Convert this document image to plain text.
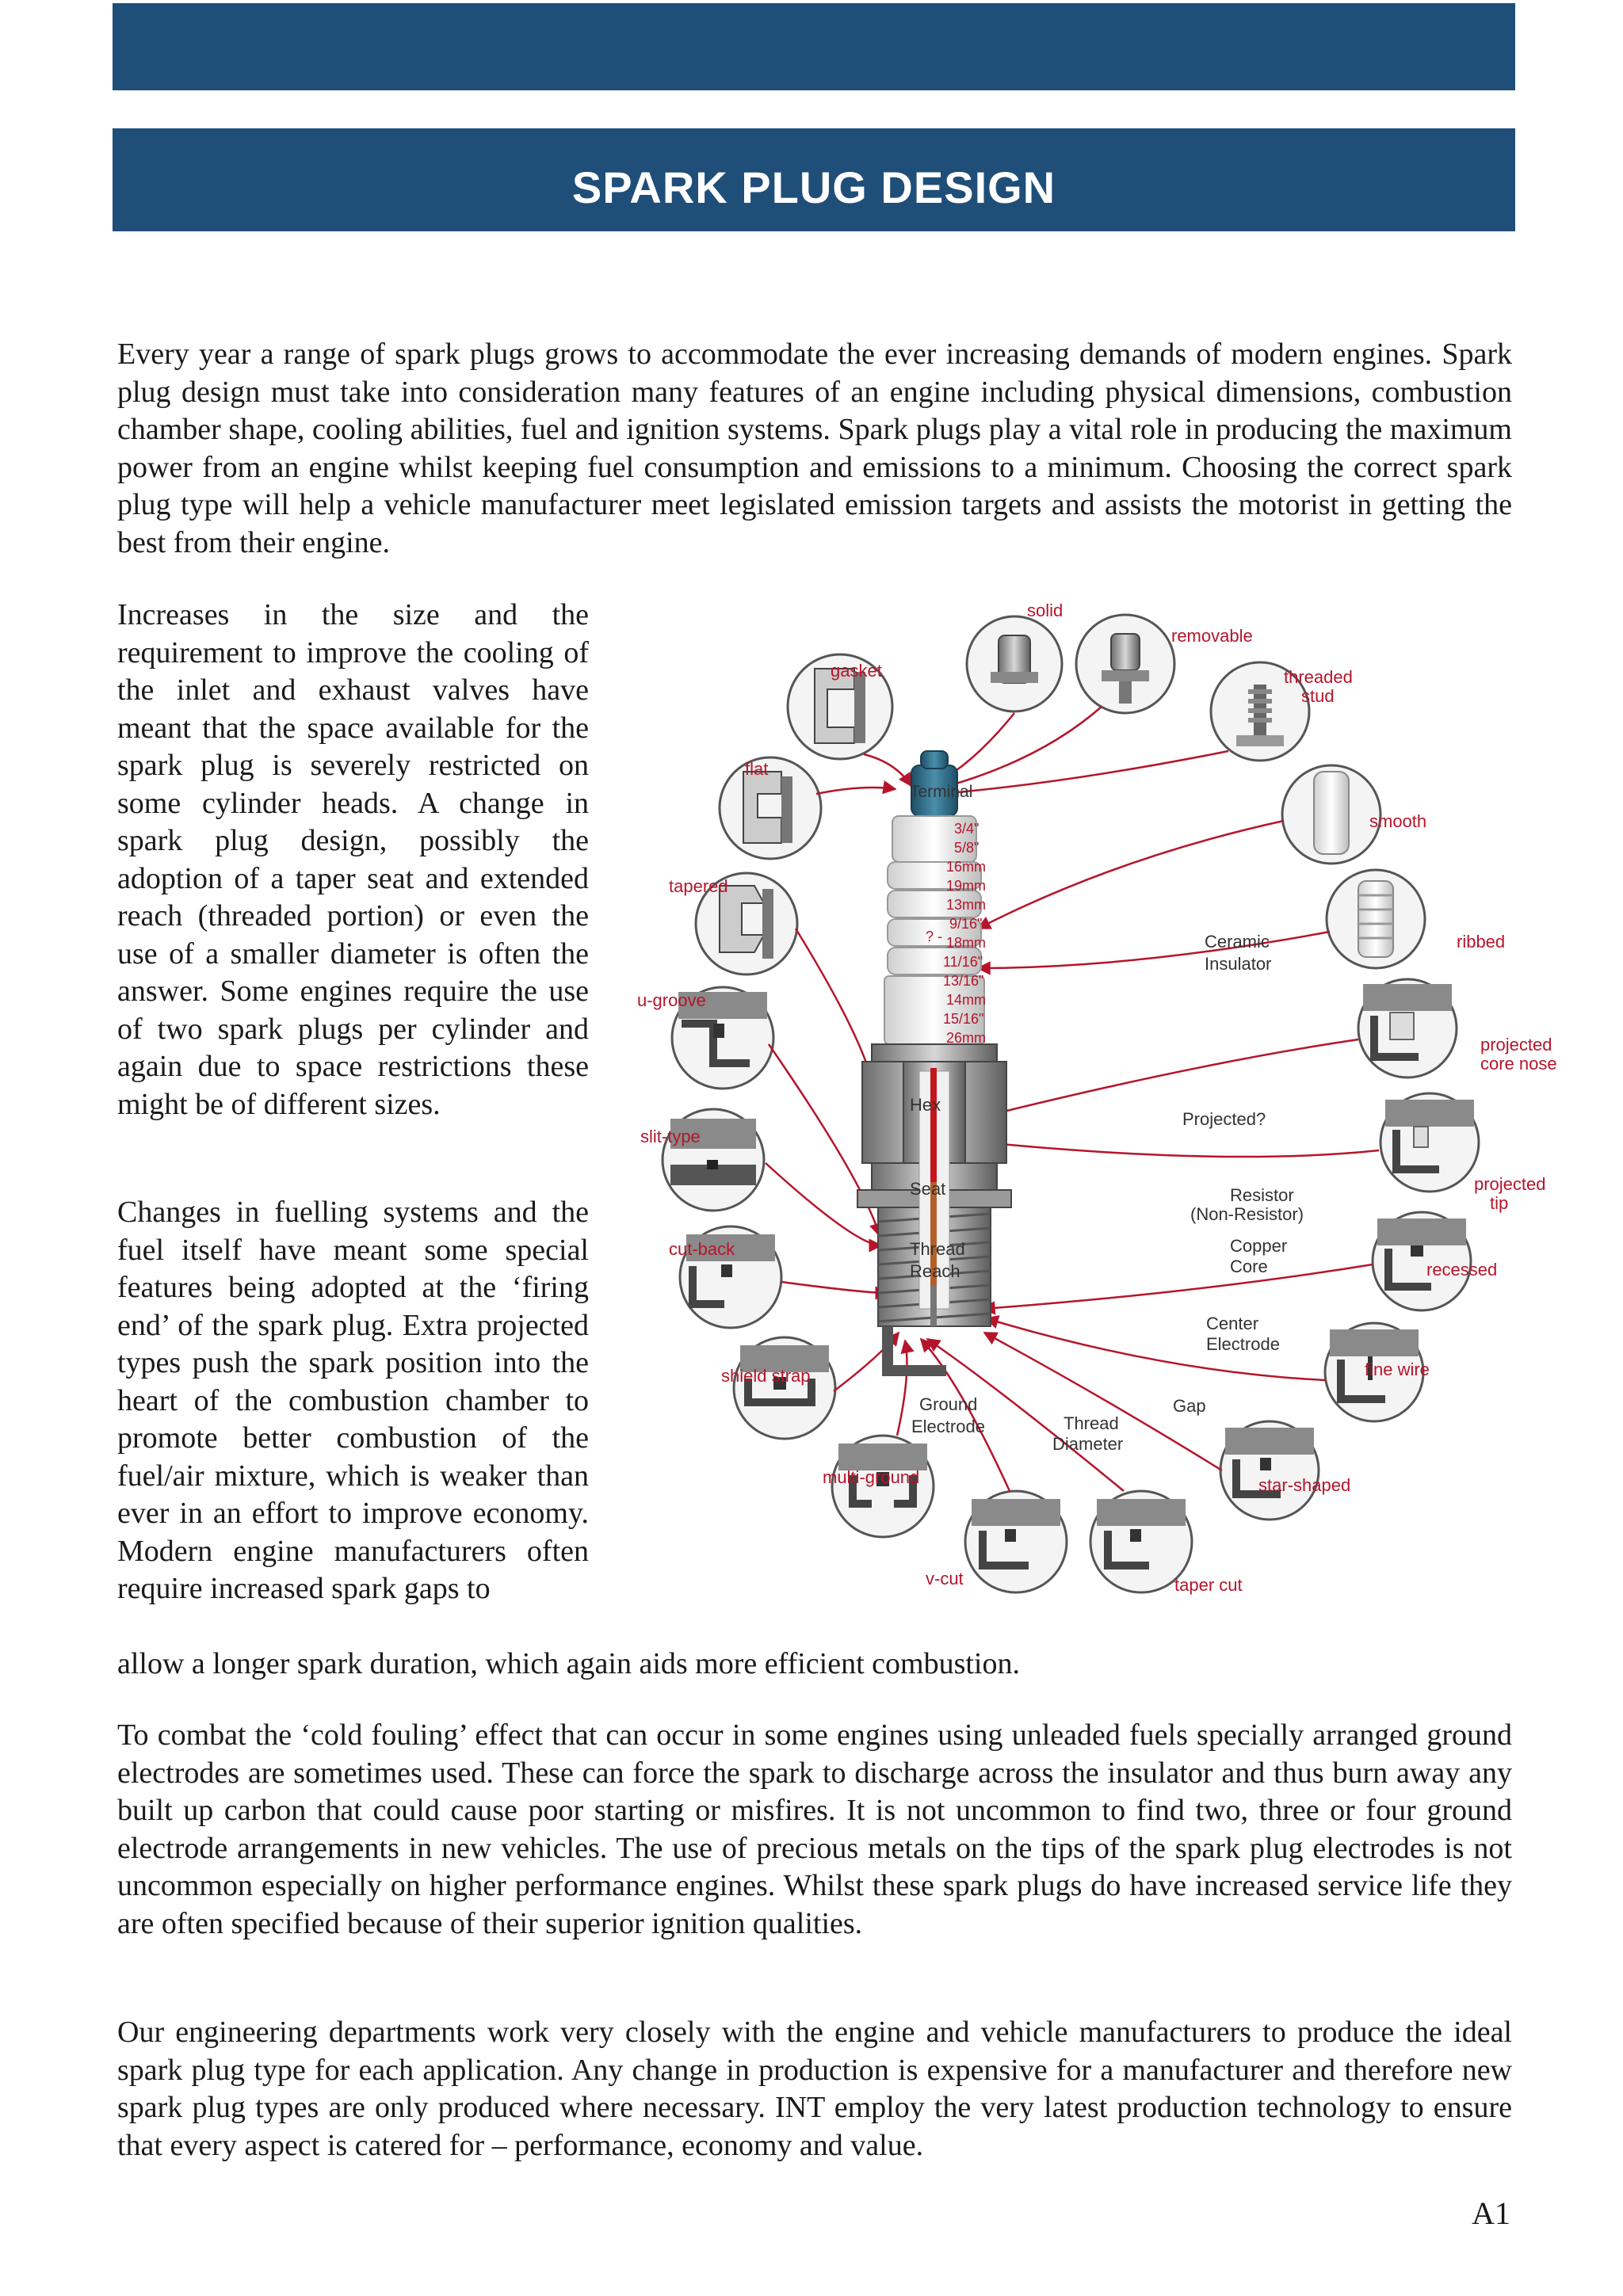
SPARK PLUG DESIGN

Every year a range of spark plugs grows to accommodate the ever increasing demands of modern engines. Spark plug design must take into consideration many features of an engine including physical dimensions, combustion chamber shape, cooling abilities, fuel and ignition systems. Spark plugs play a vital role in producing the maximum power from an engine whilst keeping fuel consumption and emissions to a minimum. Choosing the correct spark plug type will help a vehicle manufacturer meet legislated emission targets and assists the motorist in getting the best from their engine.

Increases in the size and the requirement to improve the cooling of the inlet and exhaust valves have meant that the space available for the spark plug is severely restricted on some cylinder heads. A change in spark plug design, possibly the adoption of a taper seat and extended reach (threaded portion) or even the use of a smaller diameter is often the answer. Some engines require the use of two spark plugs per cylinder and again due to space restrictions these might be of different sizes.

Changes in fuelling systems and the fuel itself have meant some special features being adopted at the ‘firing end’ of the spark plug. Extra projected types push the spark position into the heart of the combustion chamber to promote better combustion of the fuel/air mixture, which is weaker than ever in an effort to improve economy. Modern engine manufacturers often require increased spark gaps to

allow a longer spark duration, which again aids more efficient combustion.

To combat the ‘cold fouling’ effect that can occur in some engines using unleaded fuels specially arranged ground electrodes are sometimes used. These can force the spark to discharge across the insulator and thus burn away any built up carbon that could cause poor starting or misfires. It is not uncommon to find two, three or four ground electrode arrangements in new vehicles. The use of precious metals on the tips of the spark plug electrodes is not uncommon especially on higher performance engines. Whilst these spark plugs do have increased service life they are often specified because of their superior ignition qualities.

Our engineering departments work very closely with the engine and vehicle manufacturers to produce the ideal spark plug type for each application. Any change in production is expensive for a manufacturer and therefore new spark plug types are only produced where necessary. INT employ the very latest production technology to ensure that every aspect is catered for – performance, economy and value.

A1
solid
removable
threaded
stud
gasket
flat
smooth
tapered
ribbed
u-groove
projected
core nose
slit-type
projected
tip
cut-back
recessed
shield strap	fine wire
multi-ground	star-shaped
v-cut	taper cut
Terminal
Ceramic
Insulator
Hex
Projected?
Seat	Resistor
(Non-Resistor)
Thread
Reach
Copper
Core
Center
Electrode
Ground
Electrode
Gap
Thread
Diameter
? -
3/4"
5/8"
16mm
19mm
13mm
9/16"
18mm
11/16"
13/16"
14mm
15/16"
26mm
